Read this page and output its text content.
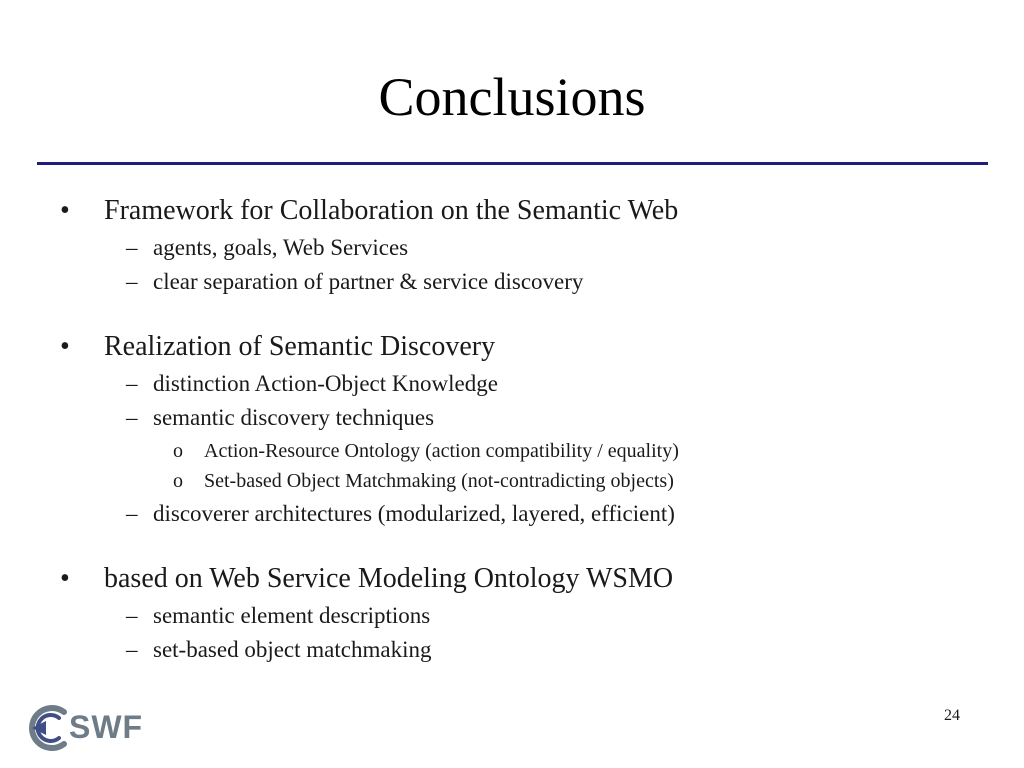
Conclusions
• Framework for Collaboration on the Semantic Web
– agents, goals, Web Services
– clear separation of partner & service discovery
• Realization of Semantic Discovery
– distinction Action-Object Knowledge
– semantic discovery techniques
o Action-Resource Ontology (action compatibility / equality)
o Set-based Object Matchmaking (not-contradicting objects)
– discoverer architectures (modularized, layered, efficient)
• based on Web Service Modeling Ontology WSMO
– semantic element descriptions
– set-based object matchmaking
SWF	24
